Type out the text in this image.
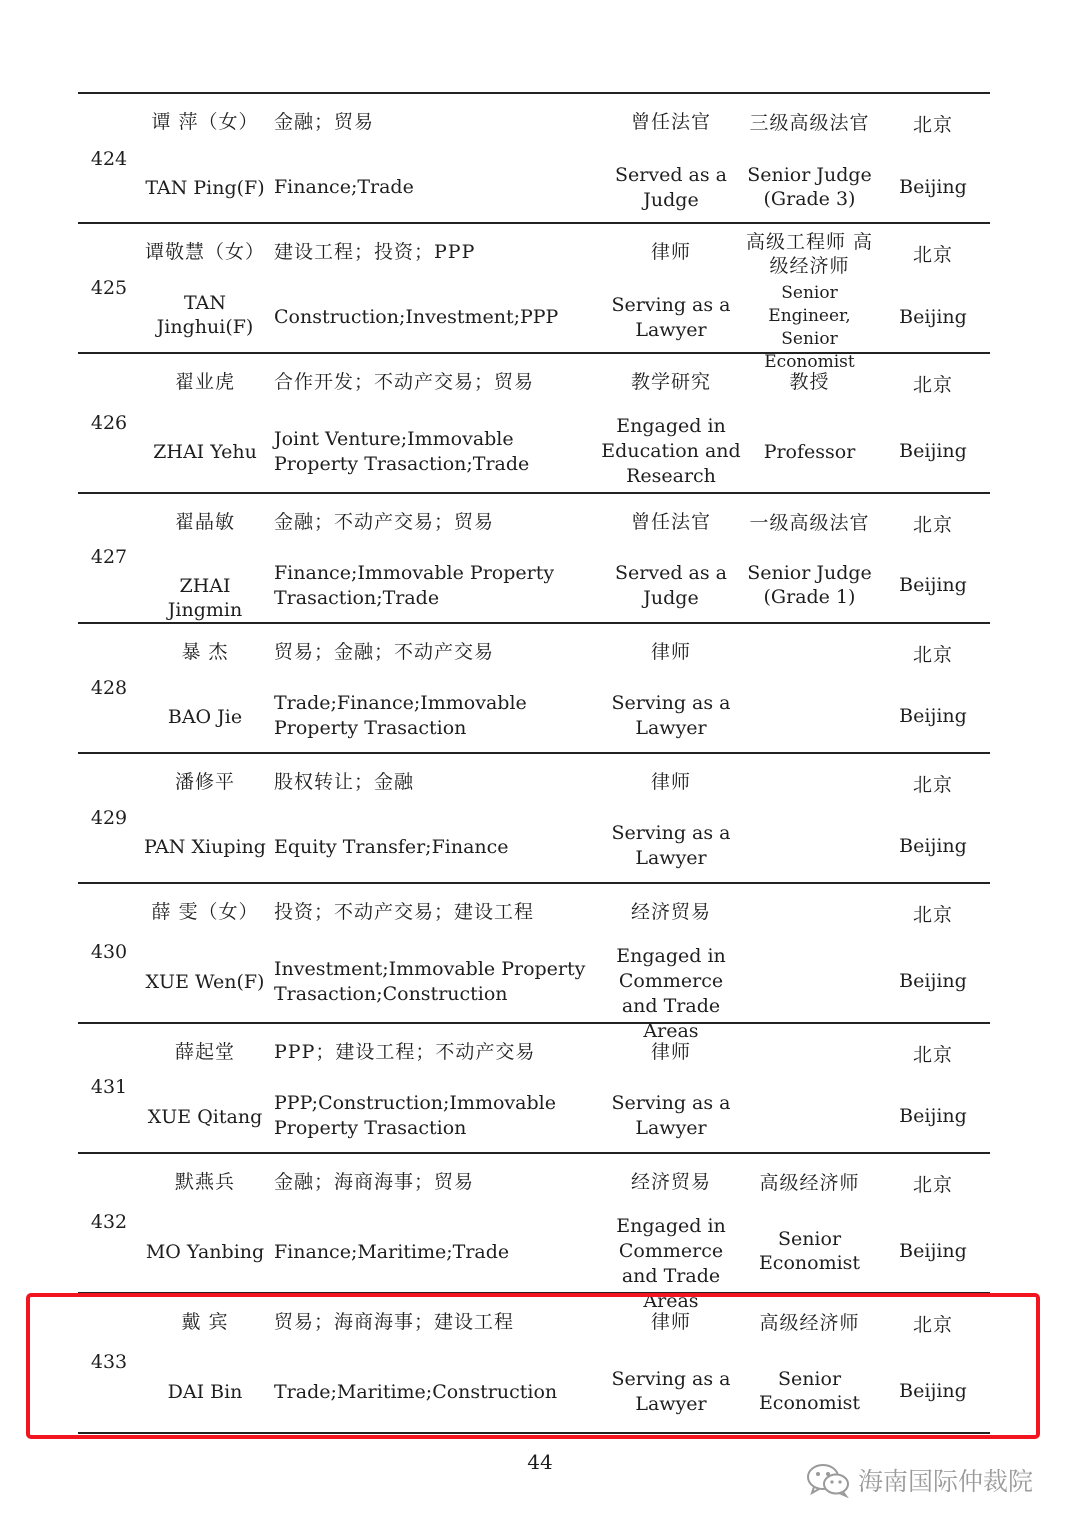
424
谭 萍（女）
TAN Ping(F)
金融；贸易
Finance;Trade
曾任法官
Served as a Judge
三级高级法官
Senior Judge (Grade 3)
北京
Beijing
425
谭敬慧（女）
TAN Jinghui(F)
建设工程；投资；PPP
Construction;Investment;PPP
律师
Serving as a Lawyer
高级工程师 高级经济师
Senior Engineer, Senior Economist
北京
Beijing
426
翟业虎
ZHAI Yehu
合作开发；不动产交易；贸易
Joint Venture;Immovable Property Trasaction;Trade
教学研究
Engaged in Education and Research
教授
Professor
北京
Beijing
427
翟晶敏
ZHAI Jingmin
金融；不动产交易；贸易
Finance;Immovable Property Trasaction;Trade
曾任法官
Served as a Judge
一级高级法官
Senior Judge (Grade 1)
北京
Beijing
428
暴 杰
BAO Jie
贸易；金融；不动产交易
Trade;Finance;Immovable Property Trasaction
律师
Serving as a Lawyer
北京
Beijing
429
潘修平
PAN Xiuping
股权转让；金融
Equity Transfer;Finance
律师
Serving as a Lawyer
北京
Beijing
430
薛 雯（女）
XUE Wen(F)
投资；不动产交易；建设工程
Investment;Immovable Property Trasaction;Construction
经济贸易
Engaged in Commerce and Trade Areas
北京
Beijing
431
薛起堂
XUE Qitang
PPP；建设工程；不动产交易
PPP;Construction;Immovable Property Trasaction
律师
Serving as a Lawyer
北京
Beijing
432
默燕兵
MO Yanbing
金融；海商海事；贸易
Finance;Maritime;Trade
经济贸易
Engaged in Commerce and Trade Areas
高级经济师
Senior Economist
北京
Beijing
433
戴 宾
DAI Bin
贸易；海商海事；建设工程
Trade;Maritime;Construction
律师
Serving as a Lawyer
高级经济师
Senior Economist
北京
Beijing
44
海南国际仲裁院
